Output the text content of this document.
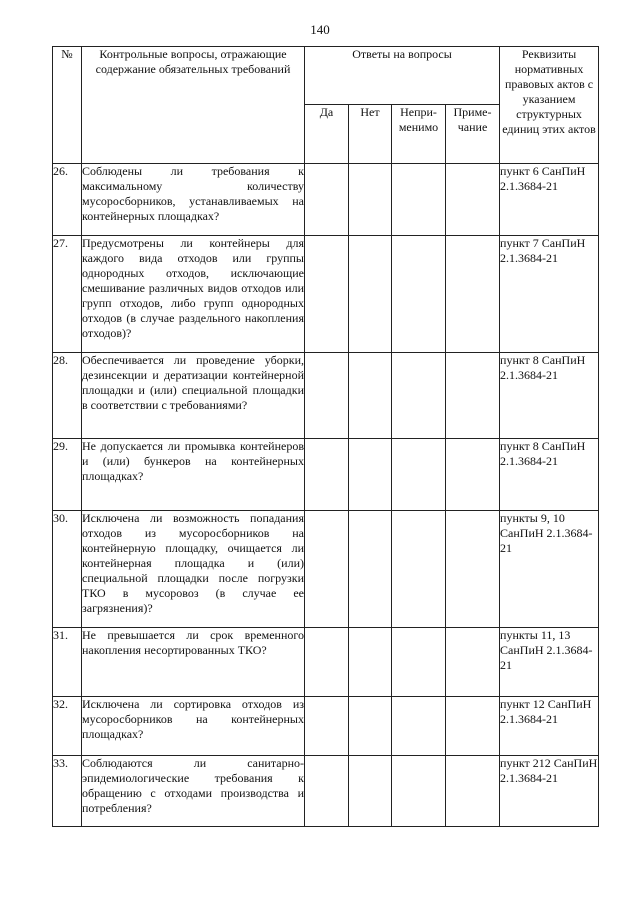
140
№	Контрольные вопросы, отражающие содержание обязательных требований	Ответы на вопросы				Реквизиты нормативных правовых актов с указанием структурных единиц этих актов
		Да	Нет	Непри-менимо	Приме-чание	
26.	Соблюдены ли требования к максимальному количеству мусоросборников, устанавливаемых на контейнерных площадках?					пункт 6 СанПиН 2.1.3684-21
27.	Предусмотрены ли контейнеры для каждого вида отходов или группы однородных отходов, исключающие смешивание различных видов отходов или групп отходов, либо групп однородных отходов (в случае раздельного накопления отходов)?					пункт 7 СанПиН 2.1.3684-21
28.	Обеспечивается ли проведение уборки, дезинсекции и дератизации контейнерной площадки и (или) специальной площадки в соответствии с требованиями?					пункт 8 СанПиН 2.1.3684-21
29.	Не допускается ли промывка контейнеров и (или) бункеров на контейнерных площадках?					пункт 8 СанПиН 2.1.3684-21
30.	Исключена ли возможность попадания отходов из мусоросборников на контейнерную площадку, очищается ли контейнерная площадка и (или) специальной площадки после погрузки ТКО в мусоровоз (в случае ее загрязнения)?					пункты 9, 10 СанПиН 2.1.3684-21
31.	Не превышается ли срок временного накопления несортированных ТКО?					пункты 11, 13 СанПиН 2.1.3684-21
32.	Исключена ли сортировка отходов из мусоросборников на контейнерных площадках?					пункт 12 СанПиН 2.1.3684-21
33.	Соблюдаются ли санитарно-эпидемиологические требования к обращению с отходами производства и потребления?					пункт 212 СанПиН 2.1.3684-21
